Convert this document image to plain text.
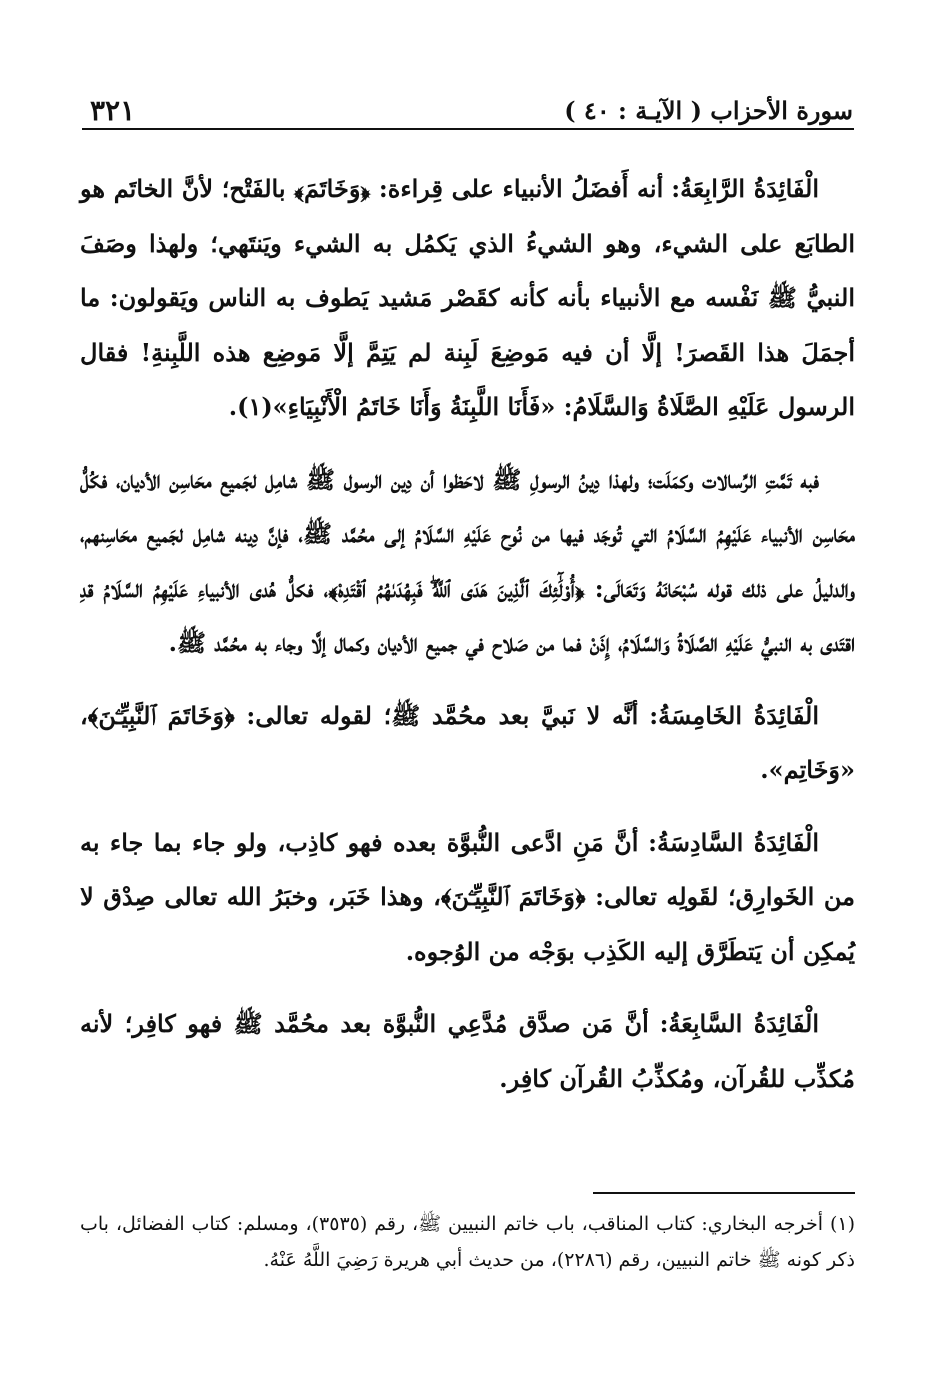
سورة الأحزاب ( الآيـة : ٤٠ )
٣٢١

الْفَائِدَةُ الرَّابِعَةُ: أنه أَفضَلُ الأنبياء على قِراءة: ﴿وَخَاتَمَ﴾ بالفَتْح؛ لأنَّ الخاتَم هو الطابَع على الشيء، وهو الشيءُ الذي يَكمُل به الشيء ويَنتَهي؛ ولهذا وصَفَ النبيُّ ﷺ نَفْسه مع الأنبياء بأنه كأنه كقَصْر مَشيد يَطوف به الناس ويَقولون: ما أجمَلَ هذا القَصرَ! إلَّا أن فيه مَوضِعَ لَبِنة لم يَتِمَّ إلَّا مَوضِع هذه اللَّبِنةِ! فقال الرسول عَلَيْهِ الصَّلَاةُ وَالسَّلَامُ: «فَأَنَا اللَّبِنَةُ وَأَنَا خَاتَمُ الْأَنْبِيَاءِ»(١).

فبه تَمَّتِ الرِّسالات وكمَلَت؛ ولهذا دِينُ الرسولِ ﷺ لاحَظوا أن دِين الرسول ﷺ شامِل لجَميع محَاسِن الأديان، فكُلُّ محَاسِن الأنبياء عَلَيْهِمُ السَّلَامُ التي تُوجَد فيها من نُوح عَلَيْهِ السَّلَامُ إلى محُمَّد ﷺ، فإنَّ دِينه شامِل لجَميع محَاسِنهم، والدليلُ على ذلك قوله سُبْحَانَهُ وَتَعَالَى: ﴿أُوْلَٰٓئِكَ ٱلَّذِينَ هَدَى ٱللَّهُۖ فَبِهُدَىٰهُمُ ٱقْتَدِهْ﴾، فكلُّ هُدى الأنبياءِ عَلَيْهِمُ السَّلَامُ قدِ اقتَدى به النبيُّ عَلَيْهِ الصَّلَاةُ وَالسَّلَامُ، إِذَنْ فما من صَلاح في جميع الأديان وكمال إلَّا وجاء به محُمَّد ﷺ.

الْفَائِدَةُ الخَامِسَةُ: أنَّه لا نَبيَّ بعد محُمَّد ﷺ؛ لقوله تعالى: ﴿وَخَاتَمَ ٱلنَّبِيِّـۧنَ﴾، «وَخَاتِم».

الْفَائِدَةُ السَّادِسَةُ: أنَّ مَنِ ادَّعى النُّبوَّة بعده فهو كاذِب، ولو جاء بما جاء به من الخَوارِق؛ لقَولِه تعالى: ﴿وَخَاتَمَ ٱلنَّبِيِّـۧنَ﴾، وهذا خَبَر، وخبَرُ الله تعالى صِدْق لا يُمكِن أن يَتطَرَّق إليه الكَذِب بوَجْه من الوُجوه.

الْفَائِدَةُ السَّابِعَةُ: أنَّ مَن صدَّق مُدَّعِي النُّبوَّة بعد محُمَّد ﷺ فهو كافِر؛ لأنه مُكذِّب للقُرآن، ومُكذِّبُ القُرآن كافِر.

(١) أخرجه البخاري: كتاب المناقب، باب خاتم النبيين ﷺ، رقم (٣٥٣٥)، ومسلم: كتاب الفضائل، باب ذكر كونه ﷺ خاتم النبيين، رقم (٢٢٨٦)، من حديث أبي هريرة رَضِيَ اللَّهُ عَنْهُ.
